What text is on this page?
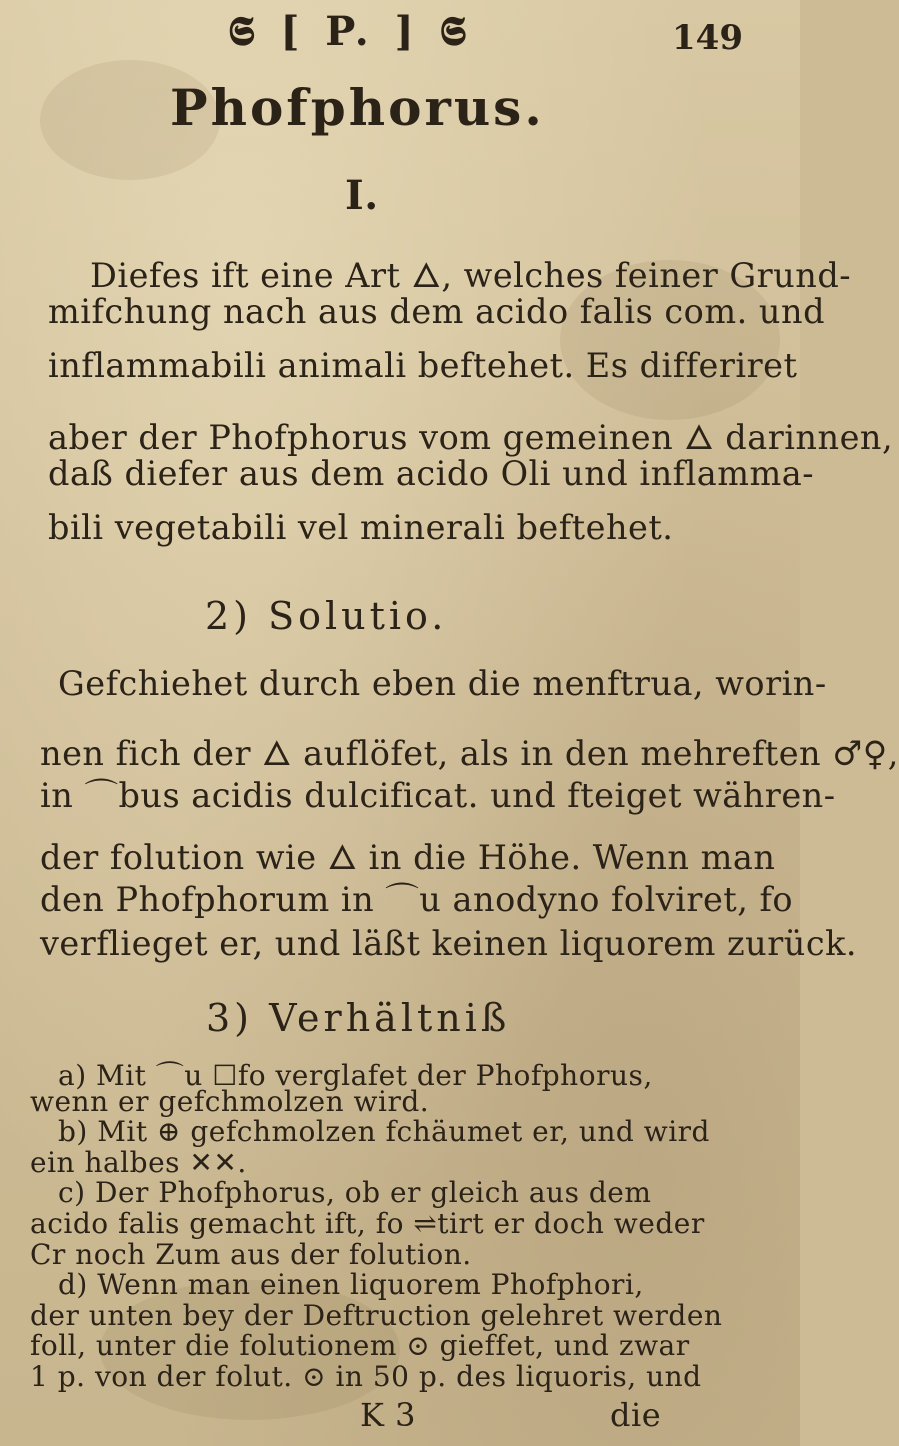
𝕾 [ P. ] 𝕾	149
Phofphorus.
I.
Diefes ift eine Art 🜂, welches feiner Grund-
mifchung nach aus dem acido falis com. und
inflammabili animali beftehet. Es differiret
aber der Phofphorus vom gemeinen 🜂 darinnen,
daß diefer aus dem acido Oli und inflamma-
bili vegetabili vel minerali beftehet.
2) Solutio.
Gefchiehet durch eben die menftrua, worin-
nen fich der 🜂 auflöfet, als in den mehreften ♂♀,
in ⌒bus acidis dulcificat. und fteiget währen-
der folution wie 🜂 in die Höhe. Wenn man
den Phofphorum in ⌒u anodyno folviret, fo
verflieget er, und läßt keinen liquorem zurück.
3) Verhältniß
a) Mit ⌒u ☐fo verglafet der Phofphorus,
wenn er gefchmolzen wird.
b) Mit ⊕ gefchmolzen fchäumet er, und wird
ein halbes ✕✕.
c) Der Phofphorus, ob er gleich aus dem
acido falis gemacht ift, fo ⇌tirt er doch weder
Cr noch Zum aus der folution.
d) Wenn man einen liquorem Phofphori,
der unten bey der Deftruction gelehret werden
foll, unter die folutionem ⊙ gieffet, und zwar
1 p. von der folut. ⊙ in 50 p. des liquoris, und
K 3	die
